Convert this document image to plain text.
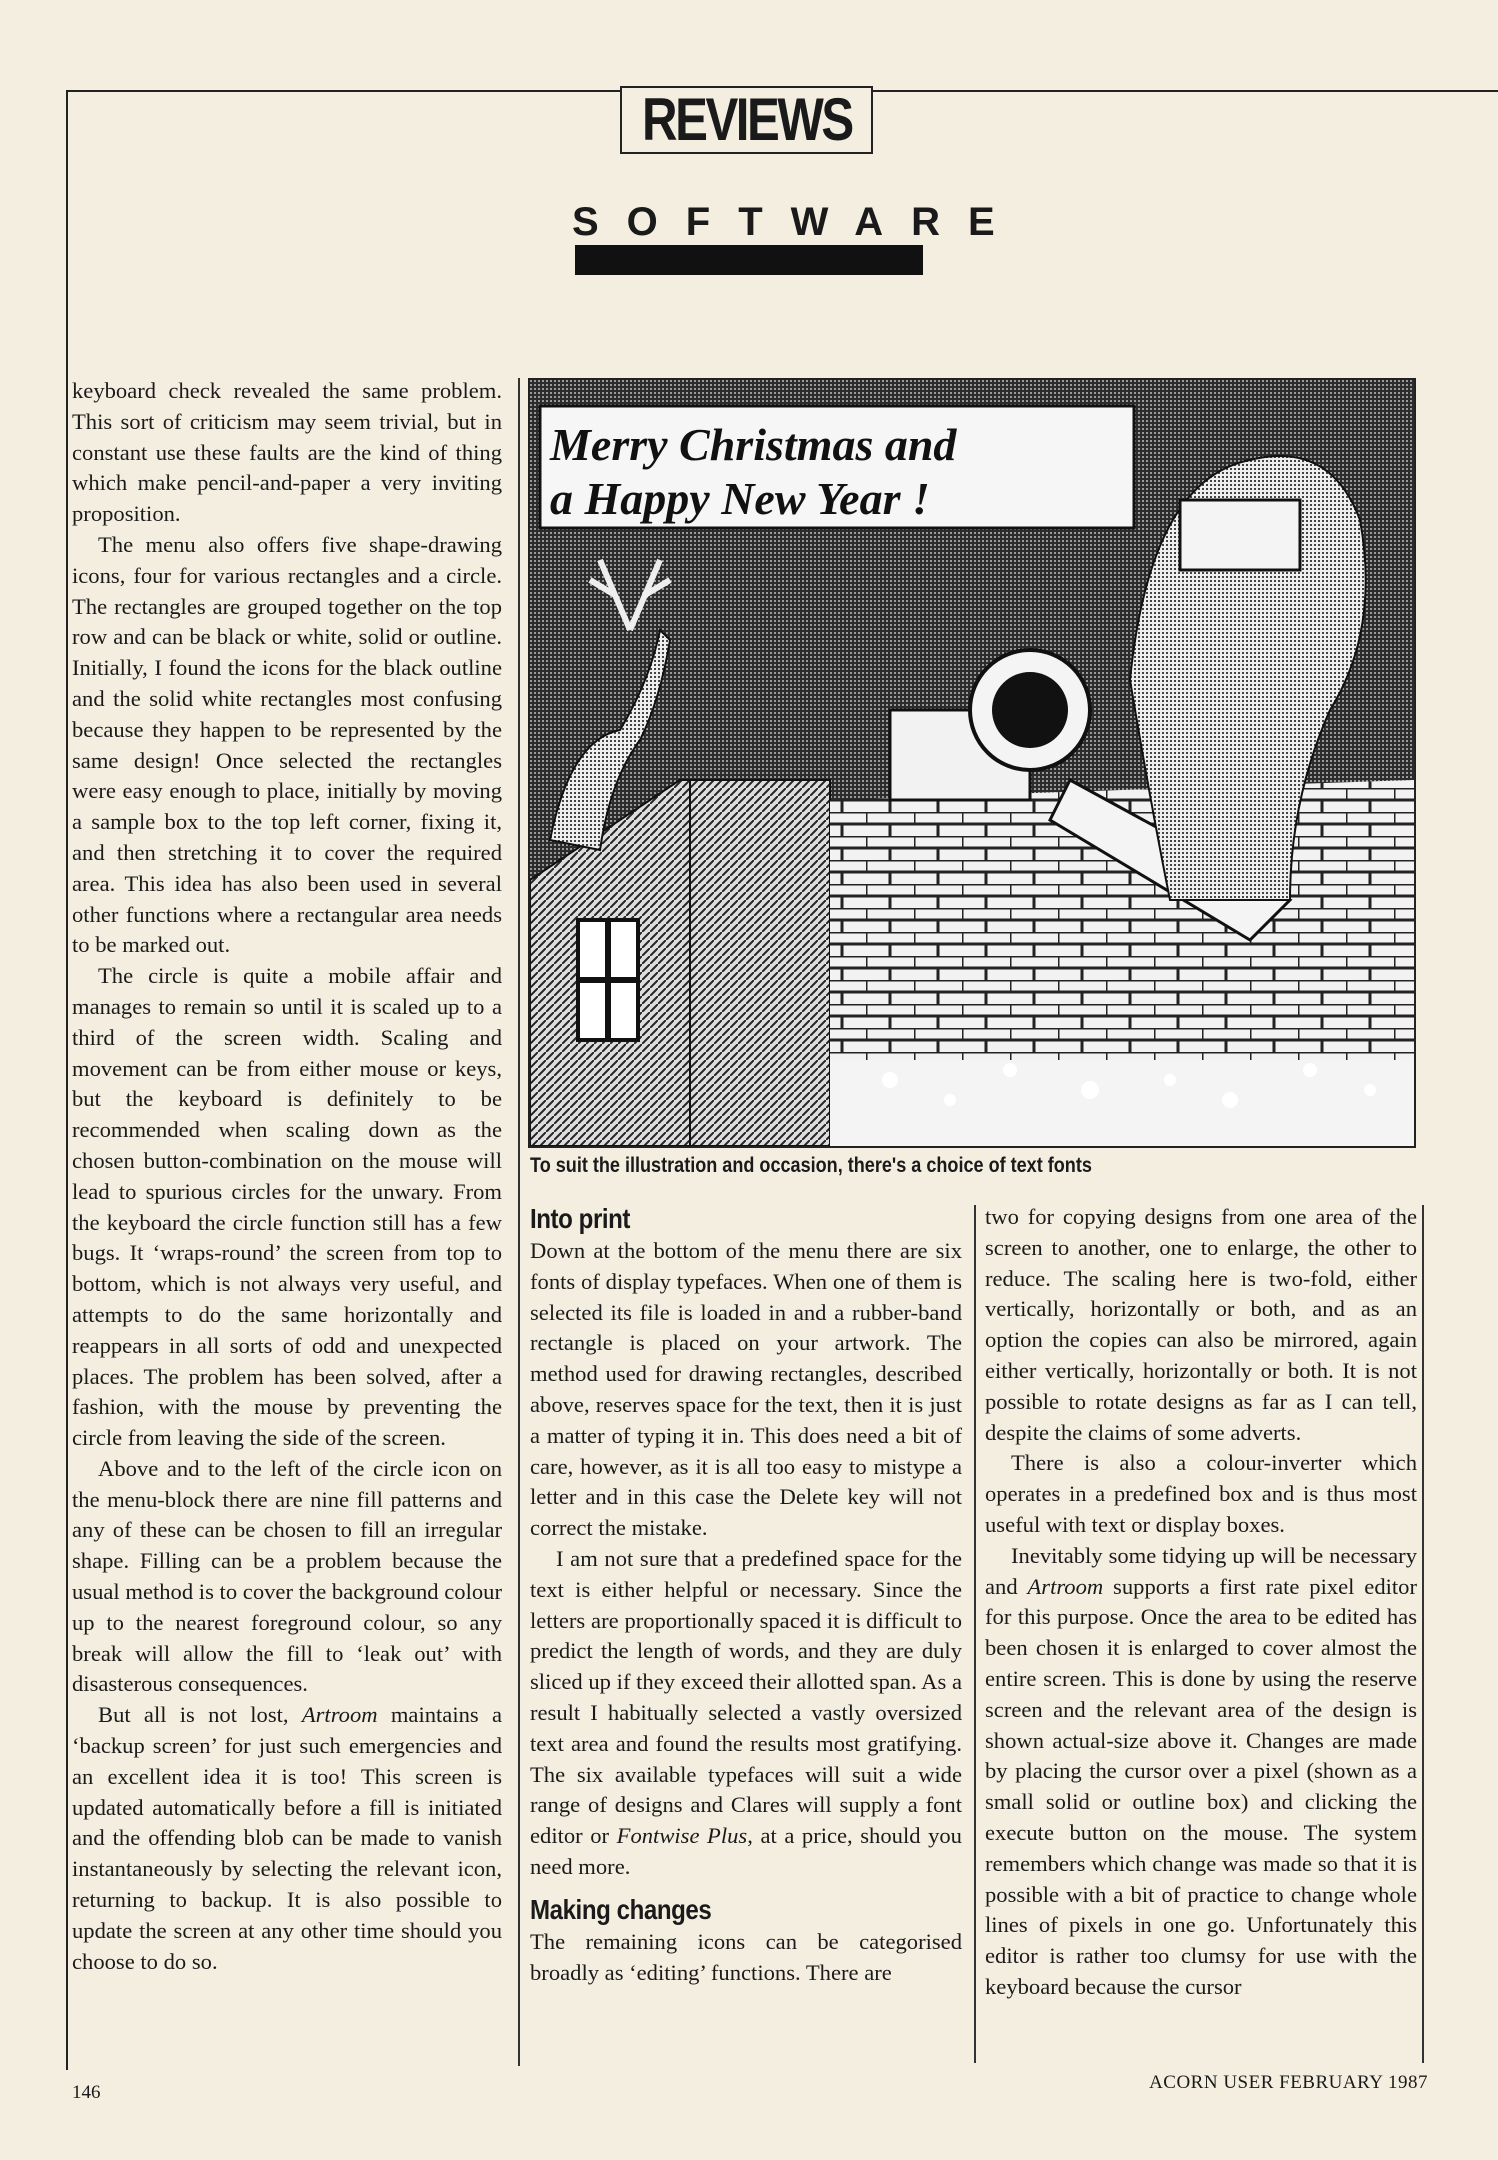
REVIEWS
SOFTWARE

keyboard check revealed the same problem. This sort of criticism may seem trivial, but in constant use these faults are the kind of thing which make pencil-and-paper a very inviting proposition.

The menu also offers five shape-drawing icons, four for various rectangles and a circle. The rectangles are grouped together on the top row and can be black or white, solid or outline. Initially, I found the icons for the black outline and the solid white rectangles most confusing because they happen to be represented by the same design! Once selected the rectangles were easy enough to place, initially by moving a sample box to the top left corner, fixing it, and then stretching it to cover the required area. This idea has also been used in several other functions where a rectangular area needs to be marked out.

The circle is quite a mobile affair and manages to remain so until it is scaled up to a third of the screen width. Scaling and movement can be from either mouse or keys, but the keyboard is definitely to be recommended when scaling down as the chosen button-combination on the mouse will lead to spurious circles for the unwary. From the keyboard the circle function still has a few bugs. It ‘wraps-round’ the screen from top to bottom, which is not always very useful, and attempts to do the same horizontally and reappears in all sorts of odd and unexpected places. The problem has been solved, after a fashion, with the mouse by preventing the circle from leaving the side of the screen.

Above and to the left of the circle icon on the menu-block there are nine fill patterns and any of these can be chosen to fill an irregular shape. Filling can be a problem because the usual method is to cover the background colour up to the nearest foreground colour, so any break will allow the fill to ‘leak out’ with disasterous consequences.

But all is not lost, Artroom maintains a ‘backup screen’ for just such emergencies and an excellent idea it is too! This screen is updated automatically before a fill is initiated and the offending blob can be made to vanish instantaneously by selecting the relevant icon, returning to backup. It is also possible to update the screen at any other time should you choose to do so.

Merry Christmas and
a Happy New Year !
To suit the illustration and occasion, there's a choice of text fonts
Into print

Down at the bottom of the menu there are six fonts of display typefaces. When one of them is selected its file is loaded in and a rubber-band rectangle is placed on your artwork. The method used for drawing rectangles, described above, reserves space for the text, then it is just a matter of typing it in. This does need a bit of care, however, as it is all too easy to mistype a letter and in this case the Delete key will not correct the mistake.

I am not sure that a predefined space for the text is either helpful or necessary. Since the letters are proportionally spaced it is difficult to predict the length of words, and they are duly sliced up if they exceed their allotted span. As a result I habitually selected a vastly oversized text area and found the results most gratifying. The six available typefaces will suit a wide range of designs and Clares will supply a font editor or Fontwise Plus, at a price, should you need more.

Making changes

The remaining icons can be categorised broadly as ‘editing’ functions. There are

two for copying designs from one area of the screen to another, one to enlarge, the other to reduce. The scaling here is two-fold, either vertically, horizontally or both, and as an option the copies can also be mirrored, again either vertically, horizontally or both. It is not possible to rotate designs as far as I can tell, despite the claims of some adverts.

There is also a colour-inverter which operates in a predefined box and is thus most useful with text or display boxes.

Inevitably some tidying up will be necessary and Artroom supports a first rate pixel editor for this purpose. Once the area to be edited has been chosen it is enlarged to cover almost the entire screen. This is done by using the reserve screen and the relevant area of the design is shown actual-size above it. Changes are made by placing the cursor over a pixel (shown as a small solid or outline box) and clicking the execute button on the mouse. The system remembers which change was made so that it is possible with a bit of practice to change whole lines of pixels in one go. Unfortunately this editor is rather too clumsy for use with the keyboard because the cursor

146	ACORN USER FEBRUARY 1987
